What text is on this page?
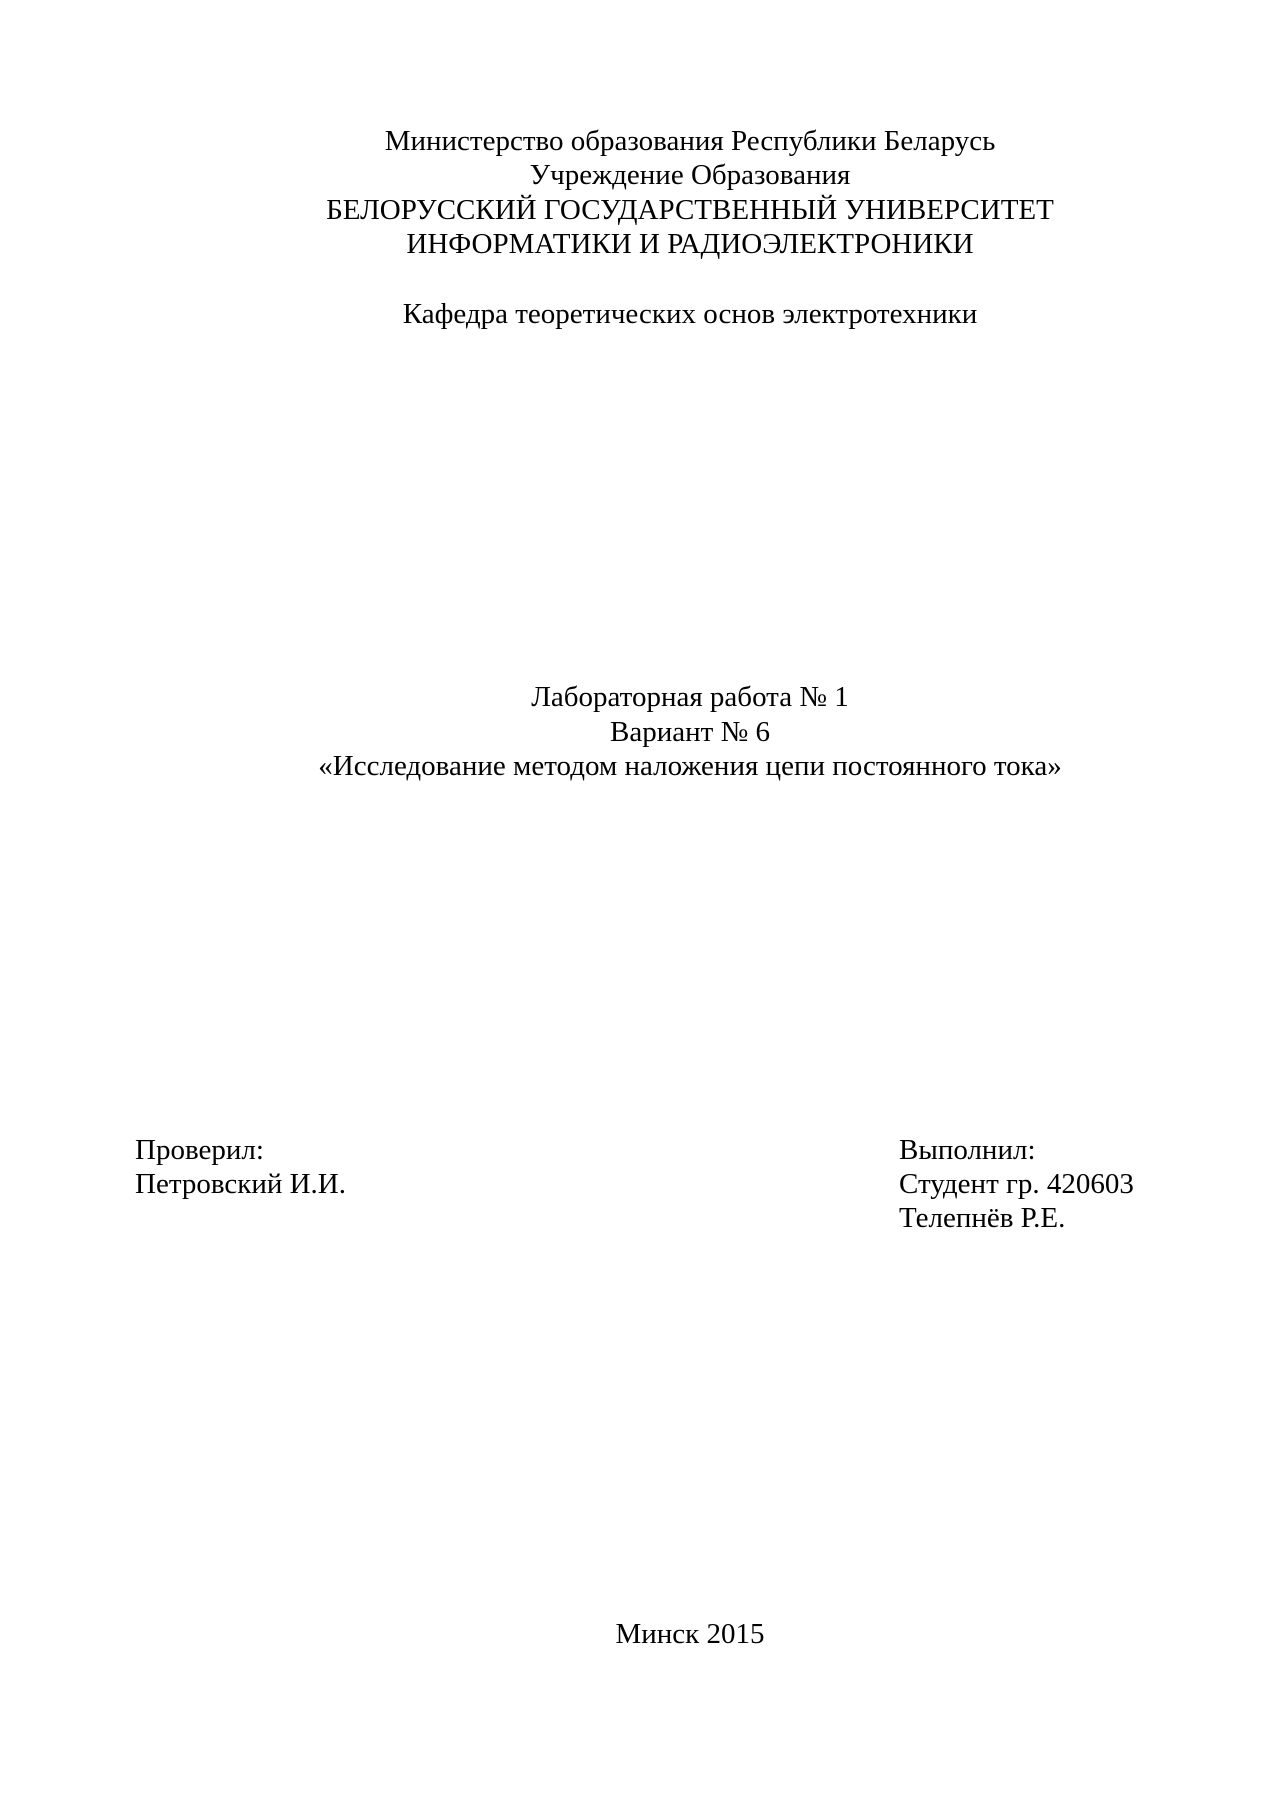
Министерство образования Республики Беларусь
Учреждение Образования
БЕЛОРУССКИЙ ГОСУДАРСТВЕННЫЙ УНИВЕРСИТЕТ
ИНФОРМАТИКИ И РАДИОЭЛЕКТРОНИКИ
Кафедра теоретических основ электротехники
Лабораторная работа № 1
Вариант № 6
«Исследование методом наложения цепи постоянного тока»
Проверил:
Петровский И.И.
Выполнил:
Студент гр. 420603
Телепнёв Р.Е.
Минск 2015
